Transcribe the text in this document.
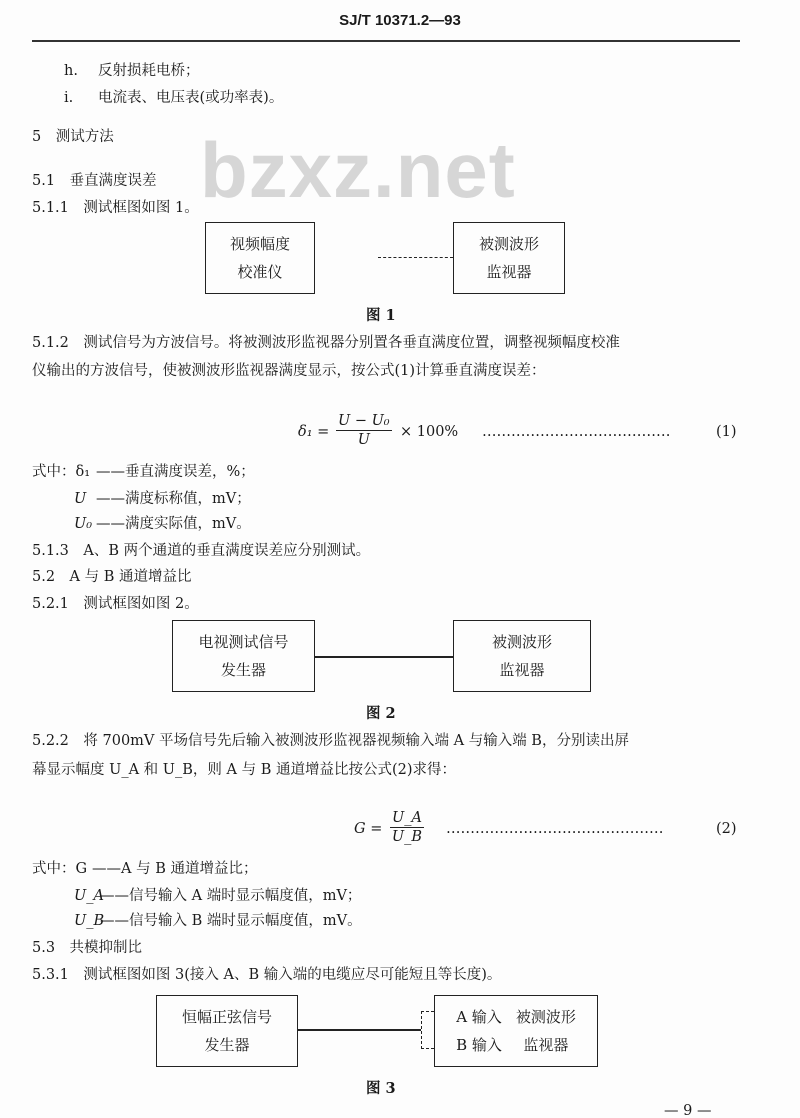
SJ/T 10371.2—93
bzxz.net
h. 反射损耗电桥；
i. 电流表、电压表(或功率表)。
5　测试方法
5.1　垂直满度误差
5.1.1　测试框图如图 1。
视频幅度
校准仪
被测波形
监视器
图 1
5.1.2　测试信号为方波信号。将被测波形监视器分别置各垂直满度位置，调整视频幅度校准
仪输出的方波信号，使被测波形监视器满度显示，按公式(1)计算垂直满度误差：
$\delta_1 = \frac{\text{U − U₀}}{U} \times 100\%$ …………………………………	(1)
式中：δ₁ ——垂直满度误差，%；
U ——满度标称值，mV；
U₀ ——满度实际值，mV。
5.1.3　A、B 两个通道的垂直满度误差应分别测试。
5.2　A 与 B 通道增益比
5.2.1　测试框图如图 2。
电视测试信号
发生器
被测波形
监视器
图 2
5.2.2　将 700mV 平场信号先后输入被测波形监视器视频输入端 A 与输入端 B，分别读出屏
幕显示幅度 U_A 和 U_B，则 A 与 B 通道增益比按公式(2)求得：
$G = \frac{U\_A}{U\_B}$ ………………………………………	(2)
式中：G ——A 与 B 通道增益比；
U_A
——信号输入 A 端时显示幅度值，mV；
U_B
——信号输入 B 端时显示幅度值，mV。
5.3　共模抑制比
5.3.1　测试框图如图 3(接入 A、B 输入端的电缆应尽可能短且等长度)。
恒幅正弦信号
发生器
A 输入
B 输入
被测波形
监视器
图 3
— 9 —
